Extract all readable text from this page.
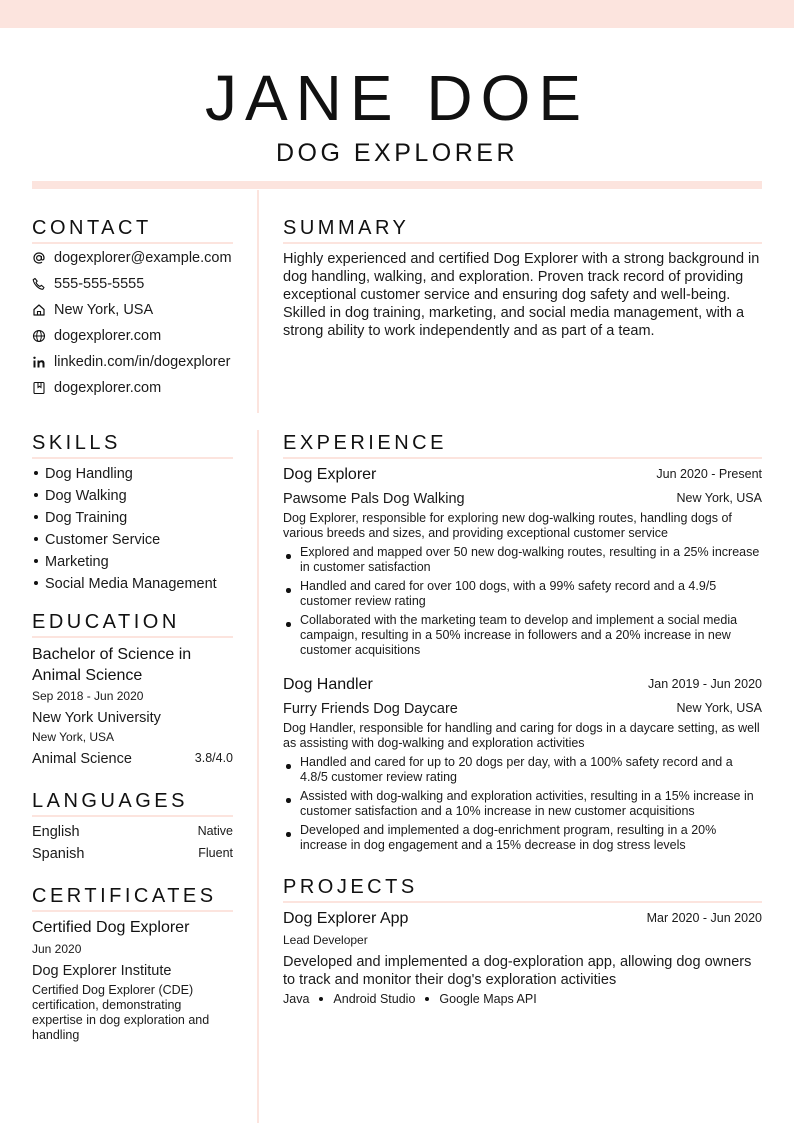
JANE DOE
DOG EXPLORER
CONTACT
dogexplorer@example.com
555-555-5555
New York, USA
dogexplorer.com
linkedin.com/in/dogexplorer
dogexplorer.com
SUMMARY
Highly experienced and certified Dog Explorer with a strong background in dog handling, walking, and exploration. Proven track record of providing exceptional customer service and ensuring dog safety and well-being. Skilled in dog training, marketing, and social media management, with a strong ability to work independently and as part of a team.
SKILLS
Dog Handling
Dog Walking
Dog Training
Customer Service
Marketing
Social Media Management
EDUCATION
Bachelor of Science in Animal Science
Sep 2018 - Jun 2020
New York University
New York, USA
Animal Science	3.8/4.0
LANGUAGES
English	Native
Spanish	Fluent
CERTIFICATES
Certified Dog Explorer
Jun 2020
Dog Explorer Institute
Certified Dog Explorer (CDE) certification, demonstrating expertise in dog exploration and handling
EXPERIENCE
Dog Explorer	Jun 2020 - Present
Pawsome Pals Dog Walking	New York, USA
Dog Explorer, responsible for exploring new dog-walking routes, handling dogs of various breeds and sizes, and providing exceptional customer service
Explored and mapped over 50 new dog-walking routes, resulting in a 25% increase in customer satisfaction
Handled and cared for over 100 dogs, with a 99% safety record and a 4.9/5 customer review rating
Collaborated with the marketing team to develop and implement a social media campaign, resulting in a 50% increase in followers and a 20% increase in new customer acquisitions
Dog Handler	Jan 2019 - Jun 2020
Furry Friends Dog Daycare	New York, USA
Dog Handler, responsible for handling and caring for dogs in a daycare setting, as well as assisting with dog-walking and exploration activities
Handled and cared for up to 20 dogs per day, with a 100% safety record and a 4.8/5 customer review rating
Assisted with dog-walking and exploration activities, resulting in a 15% increase in customer satisfaction and a 10% increase in new customer acquisitions
Developed and implemented a dog-enrichment program, resulting in a 20% increase in dog engagement and a 15% decrease in dog stress levels
PROJECTS
Dog Explorer App	Mar 2020 - Jun 2020
Lead Developer
Developed and implemented a dog-exploration app, allowing dog owners to track and monitor their dog's exploration activities
Java Android Studio Google Maps API
